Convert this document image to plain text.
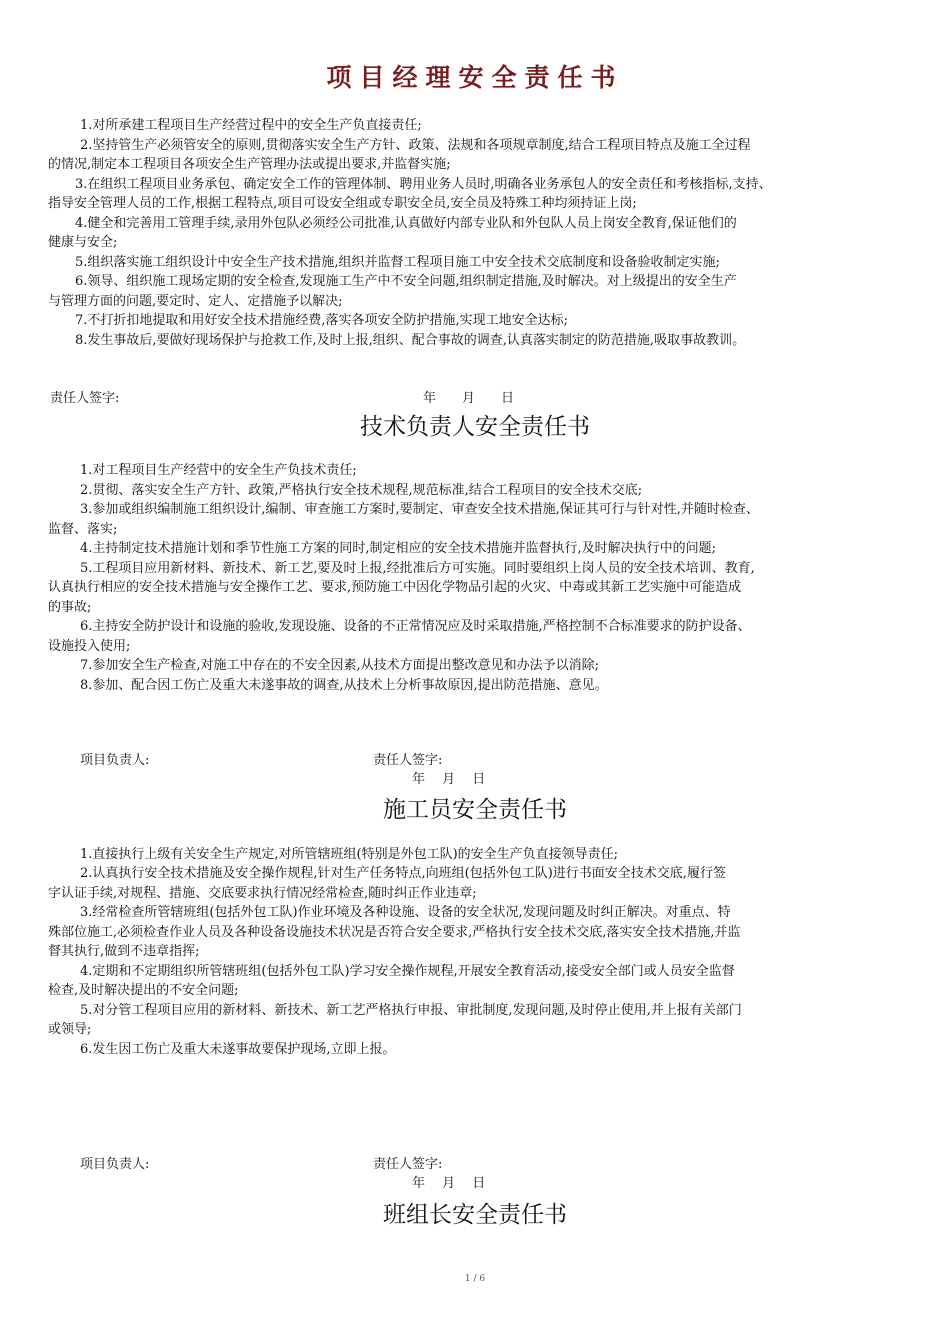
项目经理安全责任书
1.对所承建工程项目生产经营过程中的安全生产负直接责任;
2.坚持管生产必须管安全的原则,贯彻落实安全生产方针、政策、法规和各项规章制度,结合工程项目特点及施工全过程
的情况,制定本工程项目各项安全生产管理办法或提出要求,并监督实施;
3.在组织工程项目业务承包、确定安全工作的管理体制、聘用业务人员时,明确各业务承包人的安全责任和考核指标,支持、
指导安全管理人员的工作,根据工程特点,项目可设安全组或专职安全员,安全员及特殊工种均须持证上岗;
4.健全和完善用工管理手续,录用外包队必须经公司批准,认真做好内部专业队和外包队人员上岗安全教育,保证他们的
健康与安全;
5.组织落实施工组织设计中安全生产技术措施,组织并监督工程项目施工中安全技术交底制度和设备验收制定实施;
6.领导、组织施工现场定期的安全检查,发现施工生产中不安全问题,组织制定措施,及时解决。对上级提出的安全生产
与管理方面的问题,要定时、定人、定措施予以解决;
7.不打折扣地提取和用好安全技术措施经费,落实各项安全防护措施,实现工地安全达标;
8.发生事故后,要做好现场保护与抢救工作,及时上报,组织、配合事故的调查,认真落实制定的防范措施,吸取事故教训。
责任人签字:	年　　月　　日
技术负责人安全责任书
1.对工程项目生产经营中的安全生产负技术责任;
2.贯彻、落实安全生产方针、政策,严格执行安全技术规程,规范标准,结合工程项目的安全技术交底;
3.参加或组织编制施工组织设计,编制、审查施工方案时,要制定、审查安全技术措施,保证其可行与针对性,并随时检查、
监督、落实;
4.主持制定技术措施计划和季节性施工方案的同时,制定相应的安全技术措施并监督执行,及时解决执行中的问题;
5.工程项目应用新材料、新技术、新工艺,要及时上报,经批准后方可实施。同时要组织上岗人员的安全技术培训、教育,
认真执行相应的安全技术措施与安全操作工艺、要求,预防施工中因化学物品引起的火灾、中毒或其新工艺实施中可能造成
的事故;
6.主持安全防护设计和设施的验收,发现设施、设备的不正常情况应及时采取措施,严格控制不合标准要求的防护设备、
设施投入使用;
7.参加安全生产检查,对施工中存在的不安全因素,从技术方面提出整改意见和办法予以消除;
8.参加、配合因工伤亡及重大未遂事故的调查,从技术上分析事故原因,提出防范措施、意见。
项目负责人:	责任人签字:
年　 月　 日
施工员安全责任书
1.直接执行上级有关安全生产规定,对所管辖班组(特别是外包工队)的安全生产负直接领导责任;
2.认真执行安全技术措施及安全操作规程,针对生产任务特点,向班组(包括外包工队)进行书面安全技术交底,履行签
字认证手续,对规程、措施、交底要求执行情况经常检查,随时纠正作业违章;
3.经常检查所管辖班组(包括外包工队)作业环境及各种设施、设备的安全状况,发现问题及时纠正解决。对重点、特
殊部位施工,必须检查作业人员及各种设备设施技术状况是否符合安全要求,严格执行安全技术交底,落实安全技术措施,并监
督其执行,做到不违章指挥;
4.定期和不定期组织所管辖班组(包括外包工队)学习安全操作规程,开展安全教育活动,接受安全部门或人员安全监督
检查,及时解决提出的不安全问题;
5.对分管工程项目应用的新材料、新技术、新工艺严格执行申报、审批制度,发现问题,及时停止使用,并上报有关部门
或领导;
6.发生因工伤亡及重大未遂事故要保护现场,立即上报。
项目负责人:	责任人签字:
年　 月　 日
班组长安全责任书
1 / 6
